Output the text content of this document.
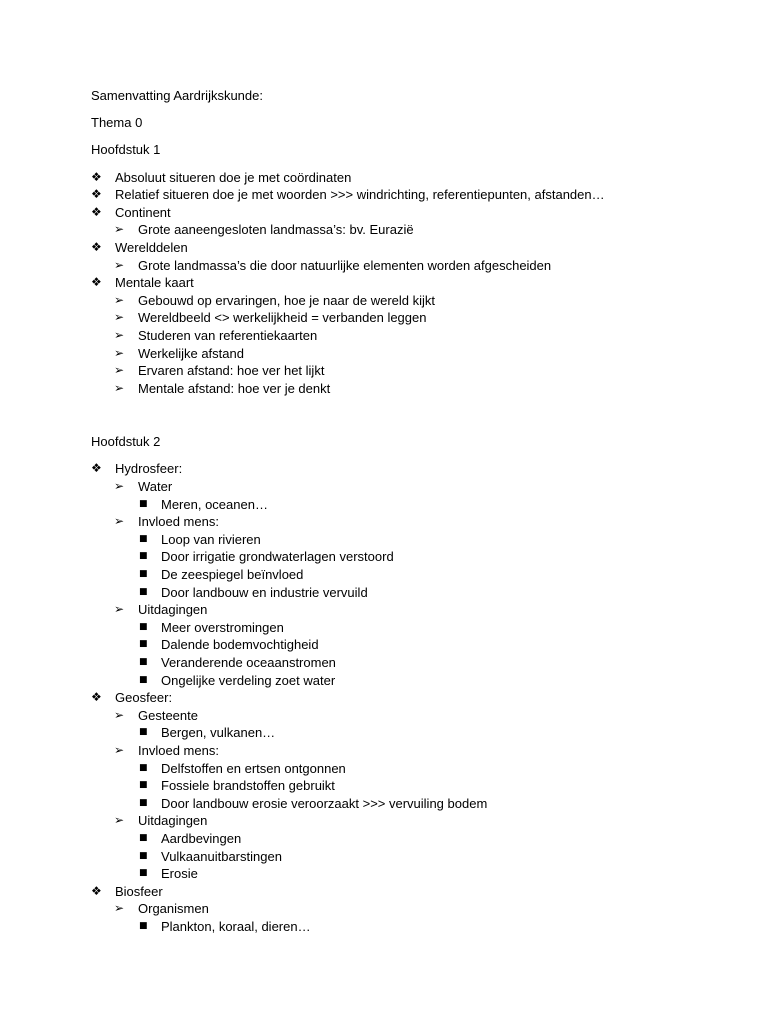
Samenvatting Aardrijkskunde:

Thema 0

Hoofdstuk 1

❖ Absoluut situeren doe je met coördinaten
❖ Relatief situeren doe je met woorden >>> windrichting, referentiepunten, afstanden…
❖ Continent
➢ Grote aaneengesloten landmassa’s: bv. Eurazië
❖ Werelddelen
➢ Grote landmassa’s die door natuurlijke elementen worden afgescheiden
❖ Mentale kaart
➢ Gebouwd op ervaringen, hoe je naar de wereld kijkt
➢ Wereldbeeld <> werkelijkheid = verbanden leggen
➢ Studeren van referentiekaarten
➢ Werkelijke afstand
➢ Ervaren afstand: hoe ver het lijkt
➢ Mentale afstand: hoe ver je denkt

Hoofdstuk 2

❖ Hydrosfeer:
➢ Water
■ Meren, oceanen…
➢ Invloed mens:
■ Loop van rivieren
■ Door irrigatie grondwaterlagen verstoord
■ De zeespiegel beïnvloed
■ Door landbouw en industrie vervuild
➢ Uitdagingen
■ Meer overstromingen
■ Dalende bodemvochtigheid
■ Veranderende oceaanstromen
■ Ongelijke verdeling zoet water
❖ Geosfeer:
➢ Gesteente
■ Bergen, vulkanen…
➢ Invloed mens:
■ Delfstoffen en ertsen ontgonnen
■ Fossiele brandstoffen gebruikt
■ Door landbouw erosie veroorzaakt >>> vervuiling bodem
➢ Uitdagingen
■ Aardbevingen
■ Vulkaanuitbarstingen
■ Erosie
❖ Biosfeer
➢ Organismen
■ Plankton, koraal, dieren…
